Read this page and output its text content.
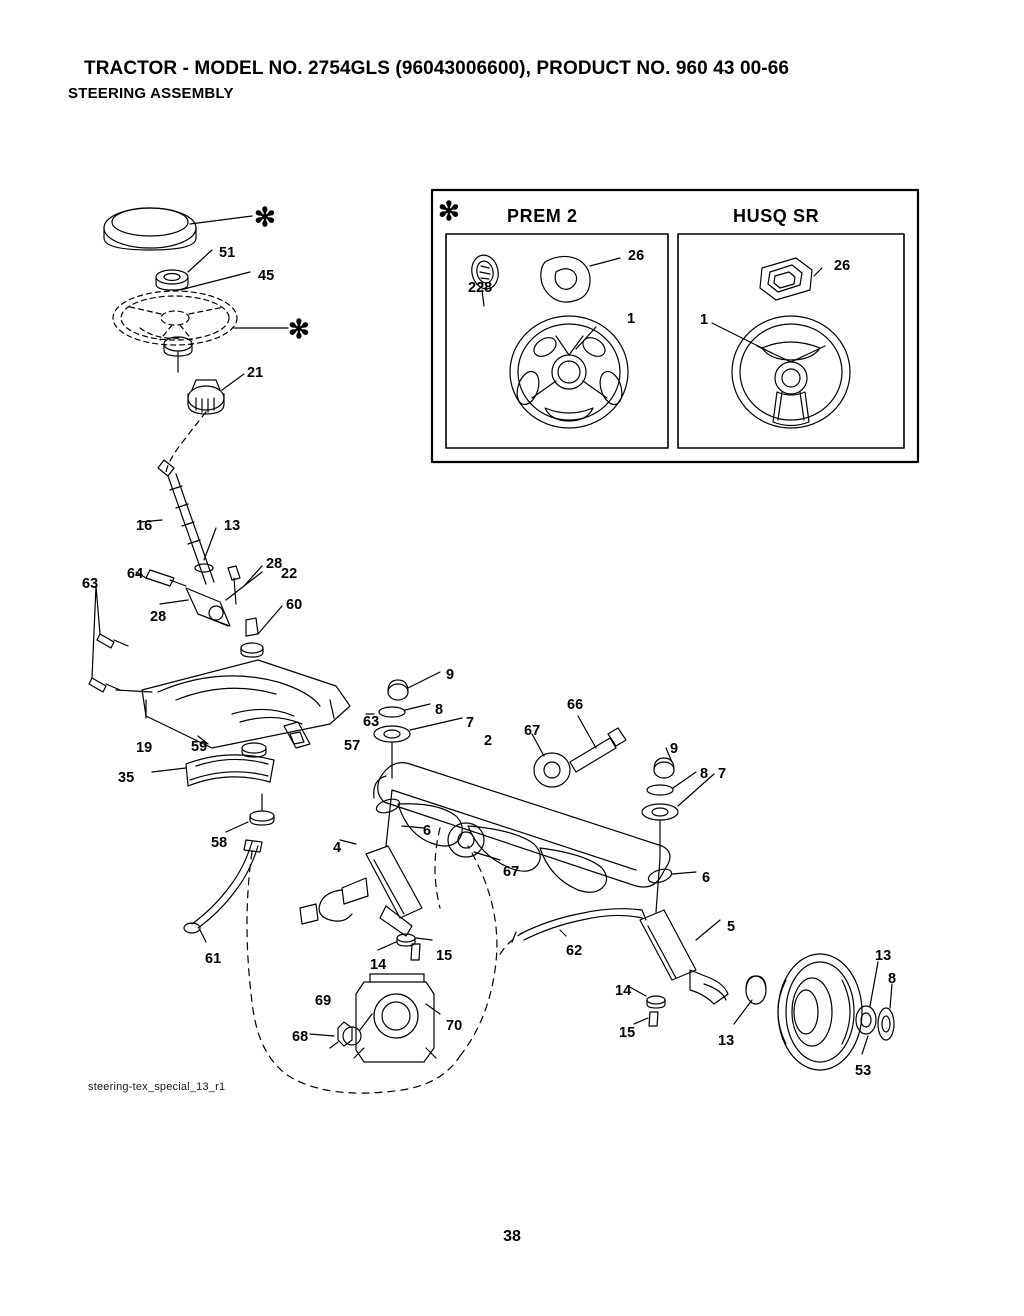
TRACTOR - MODEL NO. 2754GLS (96043006600), PRODUCT NO. 960 43 00-66
STEERING ASSEMBLY
steering-tex_special_13_r1
38
✻
✻
✻	PREM 2	HUSQ SR
228
26
1
26
1
51
45
21
16	13
28
22
64
63
60
28
9
8
63	7
66
67
2
19	59	57	9
8 7
35
5
6
4
67	6
58
62
61	14
15
14
15	13
13
8
53
69
70
68
